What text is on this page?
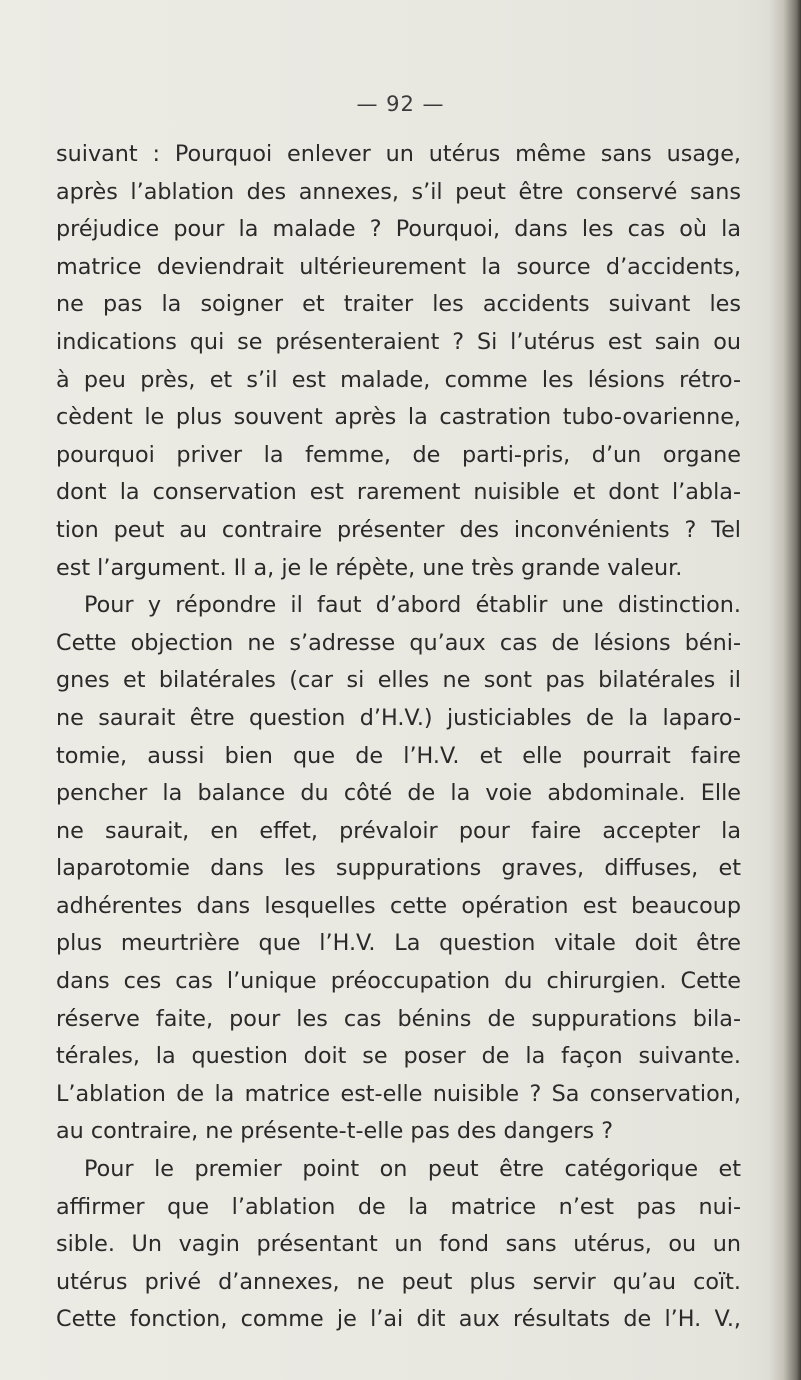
— 92 —
suivant : Pourquoi enlever un utérus même sans usage,
après l’ablation des annexes, s’il peut être conservé sans
préjudice pour la malade ? Pourquoi, dans les cas où la
matrice deviendrait ultérieurement la source d’accidents,
ne pas la soigner et traiter les accidents suivant les
indications qui se présenteraient ? Si l’utérus est sain ou
à peu près, et s’il est malade, comme les lésions rétro-
cèdent le plus souvent après la castration tubo-ovarienne,
pourquoi priver la femme, de parti-pris, d’un organe
dont la conservation est rarement nuisible et dont l’abla-
tion peut au contraire présenter des inconvénients ? Tel
est l’argument. Il a, je le répète, une très grande valeur.
Pour y répondre il faut d’abord établir une distinction.
Cette objection ne s’adresse qu’aux cas de lésions béni-
gnes et bilatérales (car si elles ne sont pas bilatérales il
ne saurait être question d’H.V.) justiciables de la laparo-
tomie, aussi bien que de l’H.V. et elle pourrait faire
pencher la balance du côté de la voie abdominale. Elle
ne saurait, en effet, prévaloir pour faire accepter la
laparotomie dans les suppurations graves, diffuses, et
adhérentes dans lesquelles cette opération est beaucoup
plus meurtrière que l’H.V. La question vitale doit être
dans ces cas l’unique préoccupation du chirurgien. Cette
réserve faite, pour les cas bénins de suppurations bila-
térales, la question doit se poser de la façon suivante.
L’ablation de la matrice est-elle nuisible ? Sa conservation,
au contraire, ne présente-t-elle pas des dangers ?
Pour le premier point on peut être catégorique et
affirmer que l’ablation de la matrice n’est pas nui-
sible. Un vagin présentant un fond sans utérus, ou un
utérus privé d’annexes, ne peut plus servir qu’au coït.
Cette fonction, comme je l’ai dit aux résultats de l’H. V.,
